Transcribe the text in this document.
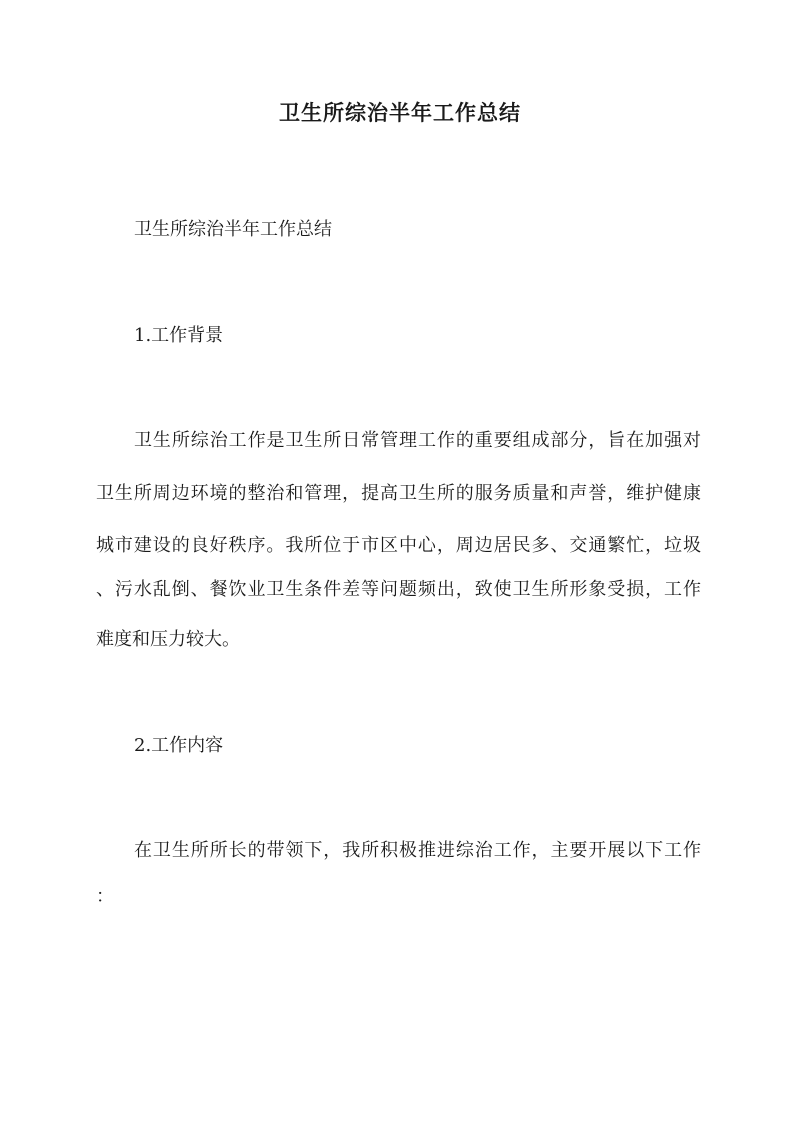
卫生所综治半年工作总结
卫生所综治半年工作总结
1.工作背景
卫生所综治工作是卫生所日常管理工作的重要组成部分，旨在加强对
卫生所周边环境的整治和管理，提高卫生所的服务质量和声誉，维护健康
城市建设的良好秩序。我所位于市区中心，周边居民多、交通繁忙，垃圾
、污水乱倒、餐饮业卫生条件差等问题频出，致使卫生所形象受损，工作
难度和压力较大。
2.工作内容
在卫生所所长的带领下，我所积极推进综治工作，主要开展以下工作
：
